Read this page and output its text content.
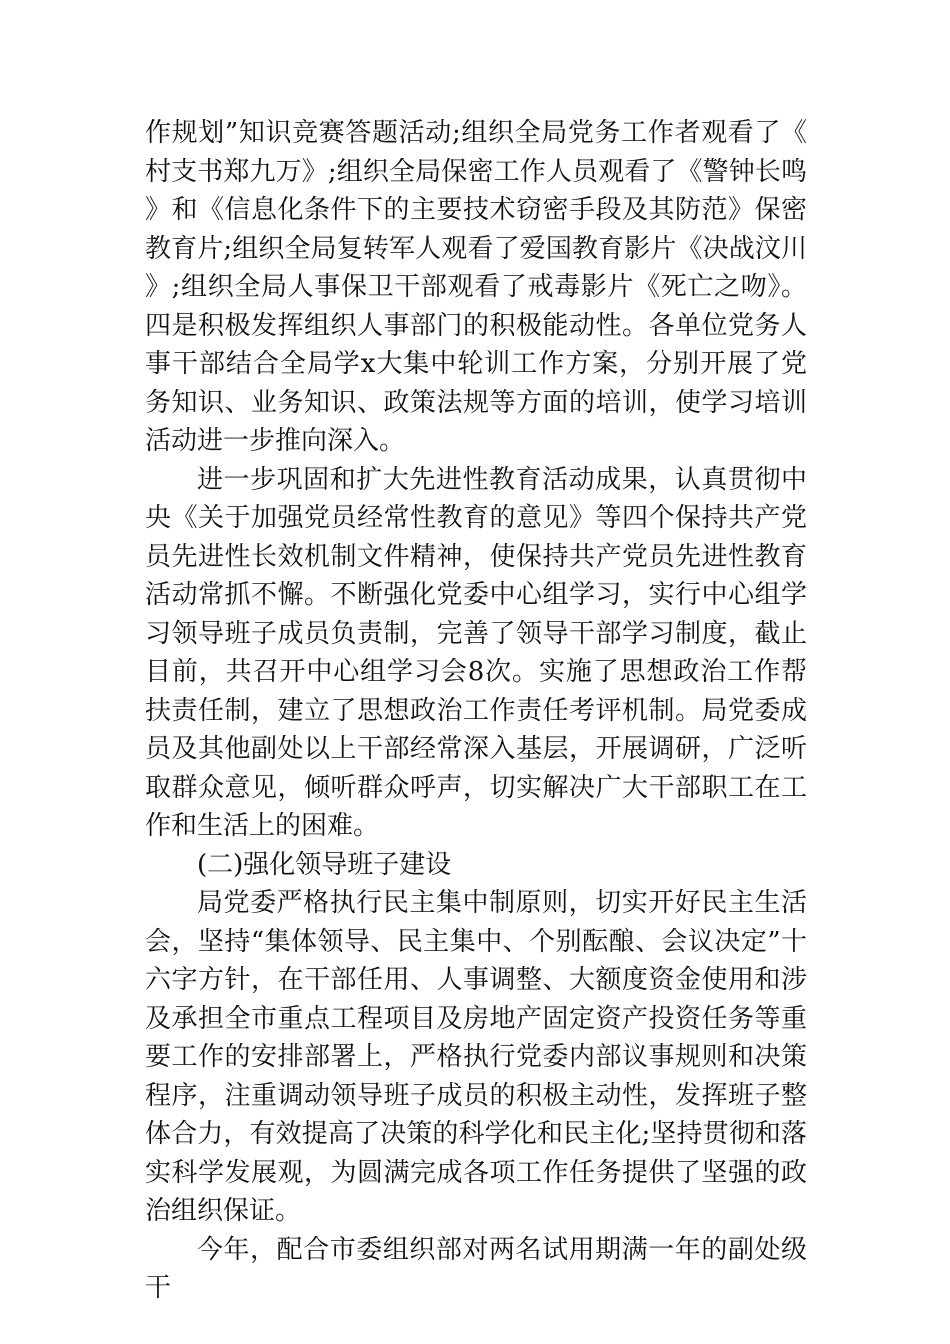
作规划”知识竞赛答题活动;组织全局党务工作者观看了《村支书郑九万》;组织全局保密工作人员观看了《警钟长鸣》和《信息化条件下的主要技术窃密手段及其防范》保密教育片;组织全局复转军人观看了爱国教育影片《决战汶川》;组织全局人事保卫干部观看了戒毒影片《死亡之吻》。四是积极发挥组织人事部门的积极能动性。各单位党务人事干部结合全局学x大集中轮训工作方案，分别开展了党务知识、业务知识、政策法规等方面的培训，使学习培训活动进一步推向深入。

进一步巩固和扩大先进性教育活动成果，认真贯彻中央《关于加强党员经常性教育的意见》等四个保持共产党员先进性长效机制文件精神，使保持共产党员先进性教育活动常抓不懈。不断强化党委中心组学习，实行中心组学习领导班子成员负责制，完善了领导干部学习制度，截止目前，共召开中心组学习会8次。实施了思想政治工作帮扶责任制，建立了思想政治工作责任考评机制。局党委成员及其他副处以上干部经常深入基层，开展调研，广泛听取群众意见，倾听群众呼声，切实解决广大干部职工在工作和生活上的困难。

(二)强化领导班子建设

局党委严格执行民主集中制原则，切实开好民主生活会，坚持“集体领导、民主集中、个别酝酿、会议决定”十六字方针，在干部任用、人事调整、大额度资金使用和涉及承担全市重点工程项目及房地产固定资产投资任务等重要工作的安排部署上，严格执行党委内部议事规则和决策程序，注重调动领导班子成员的积极主动性，发挥班子整体合力，有效提高了决策的科学化和民主化;坚持贯彻和落实科学发展观，为圆满完成各项工作任务提供了坚强的政治组织保证。

今年，配合市委组织部对两名试用期满一年的副处级干
